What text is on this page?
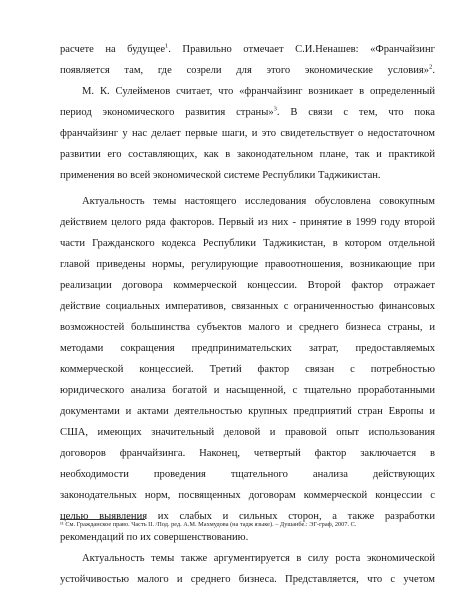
расчете на будущее$^1$. Правильно отмечает С.И.Ненашев: «Франчайзинг
появляется там, где созрели для этого экономические условия»$^2$.
М. К. Сулейменов считает, что «франчайзинг возникает в определенный
период экономического развития страны»$^3$. В связи с тем, что пока
франчайзинг у нас делает первые шаги, и это свидетельствует о недостаточном
развитии его составляющих, как в законодательном плане, так и практикой
применения во всей экономической системе Республики Таджикистан.
Актуальность темы настоящего исследования обусловлена совокупным
действием целого ряда факторов. Первый из них - принятие в 1999 году второй
части Гражданского кодекса Республики Таджикистан, в котором отдельной
главой приведены нормы, регулирующие правоотношения, возникающие при
реализации договора коммерческой концессии. Второй фактор отражает
действие социальных императивов, связанных с ограниченностью финансовых
возможностей большинства субъектов малого и среднего бизнеса страны, и
методами сокращения предпринимательских затрат, предоставляемых
коммерческой концессией. Третий фактор связан с потребностью
юридического анализа богатой и насыщенной, с тщательно проработанными
документами и актами деятельностью крупных предприятий стран Европы и
США, имеющих значительный деловой и правовой опыт использования
договоров франчайзинга. Наконец, четвертый фактор заключается в
необходимости проведения тщательного анализа действующих
законодательных норм, посвященных договорам коммерческой концессии с
целью выявления их слабых и сильных сторон, а также разработки
рекомендаций по их совершенствованию.
Актуальность темы также аргументируется в силу роста экономической
устойчивостью малого и среднего бизнеса. Представляется, что с учетом
¹¹ См. Гражданское право. Часть II. /Под. ред. А.М. Махмудова (на тадж языке). – Душанбе.: ЭГ-граф, 2007. С.
